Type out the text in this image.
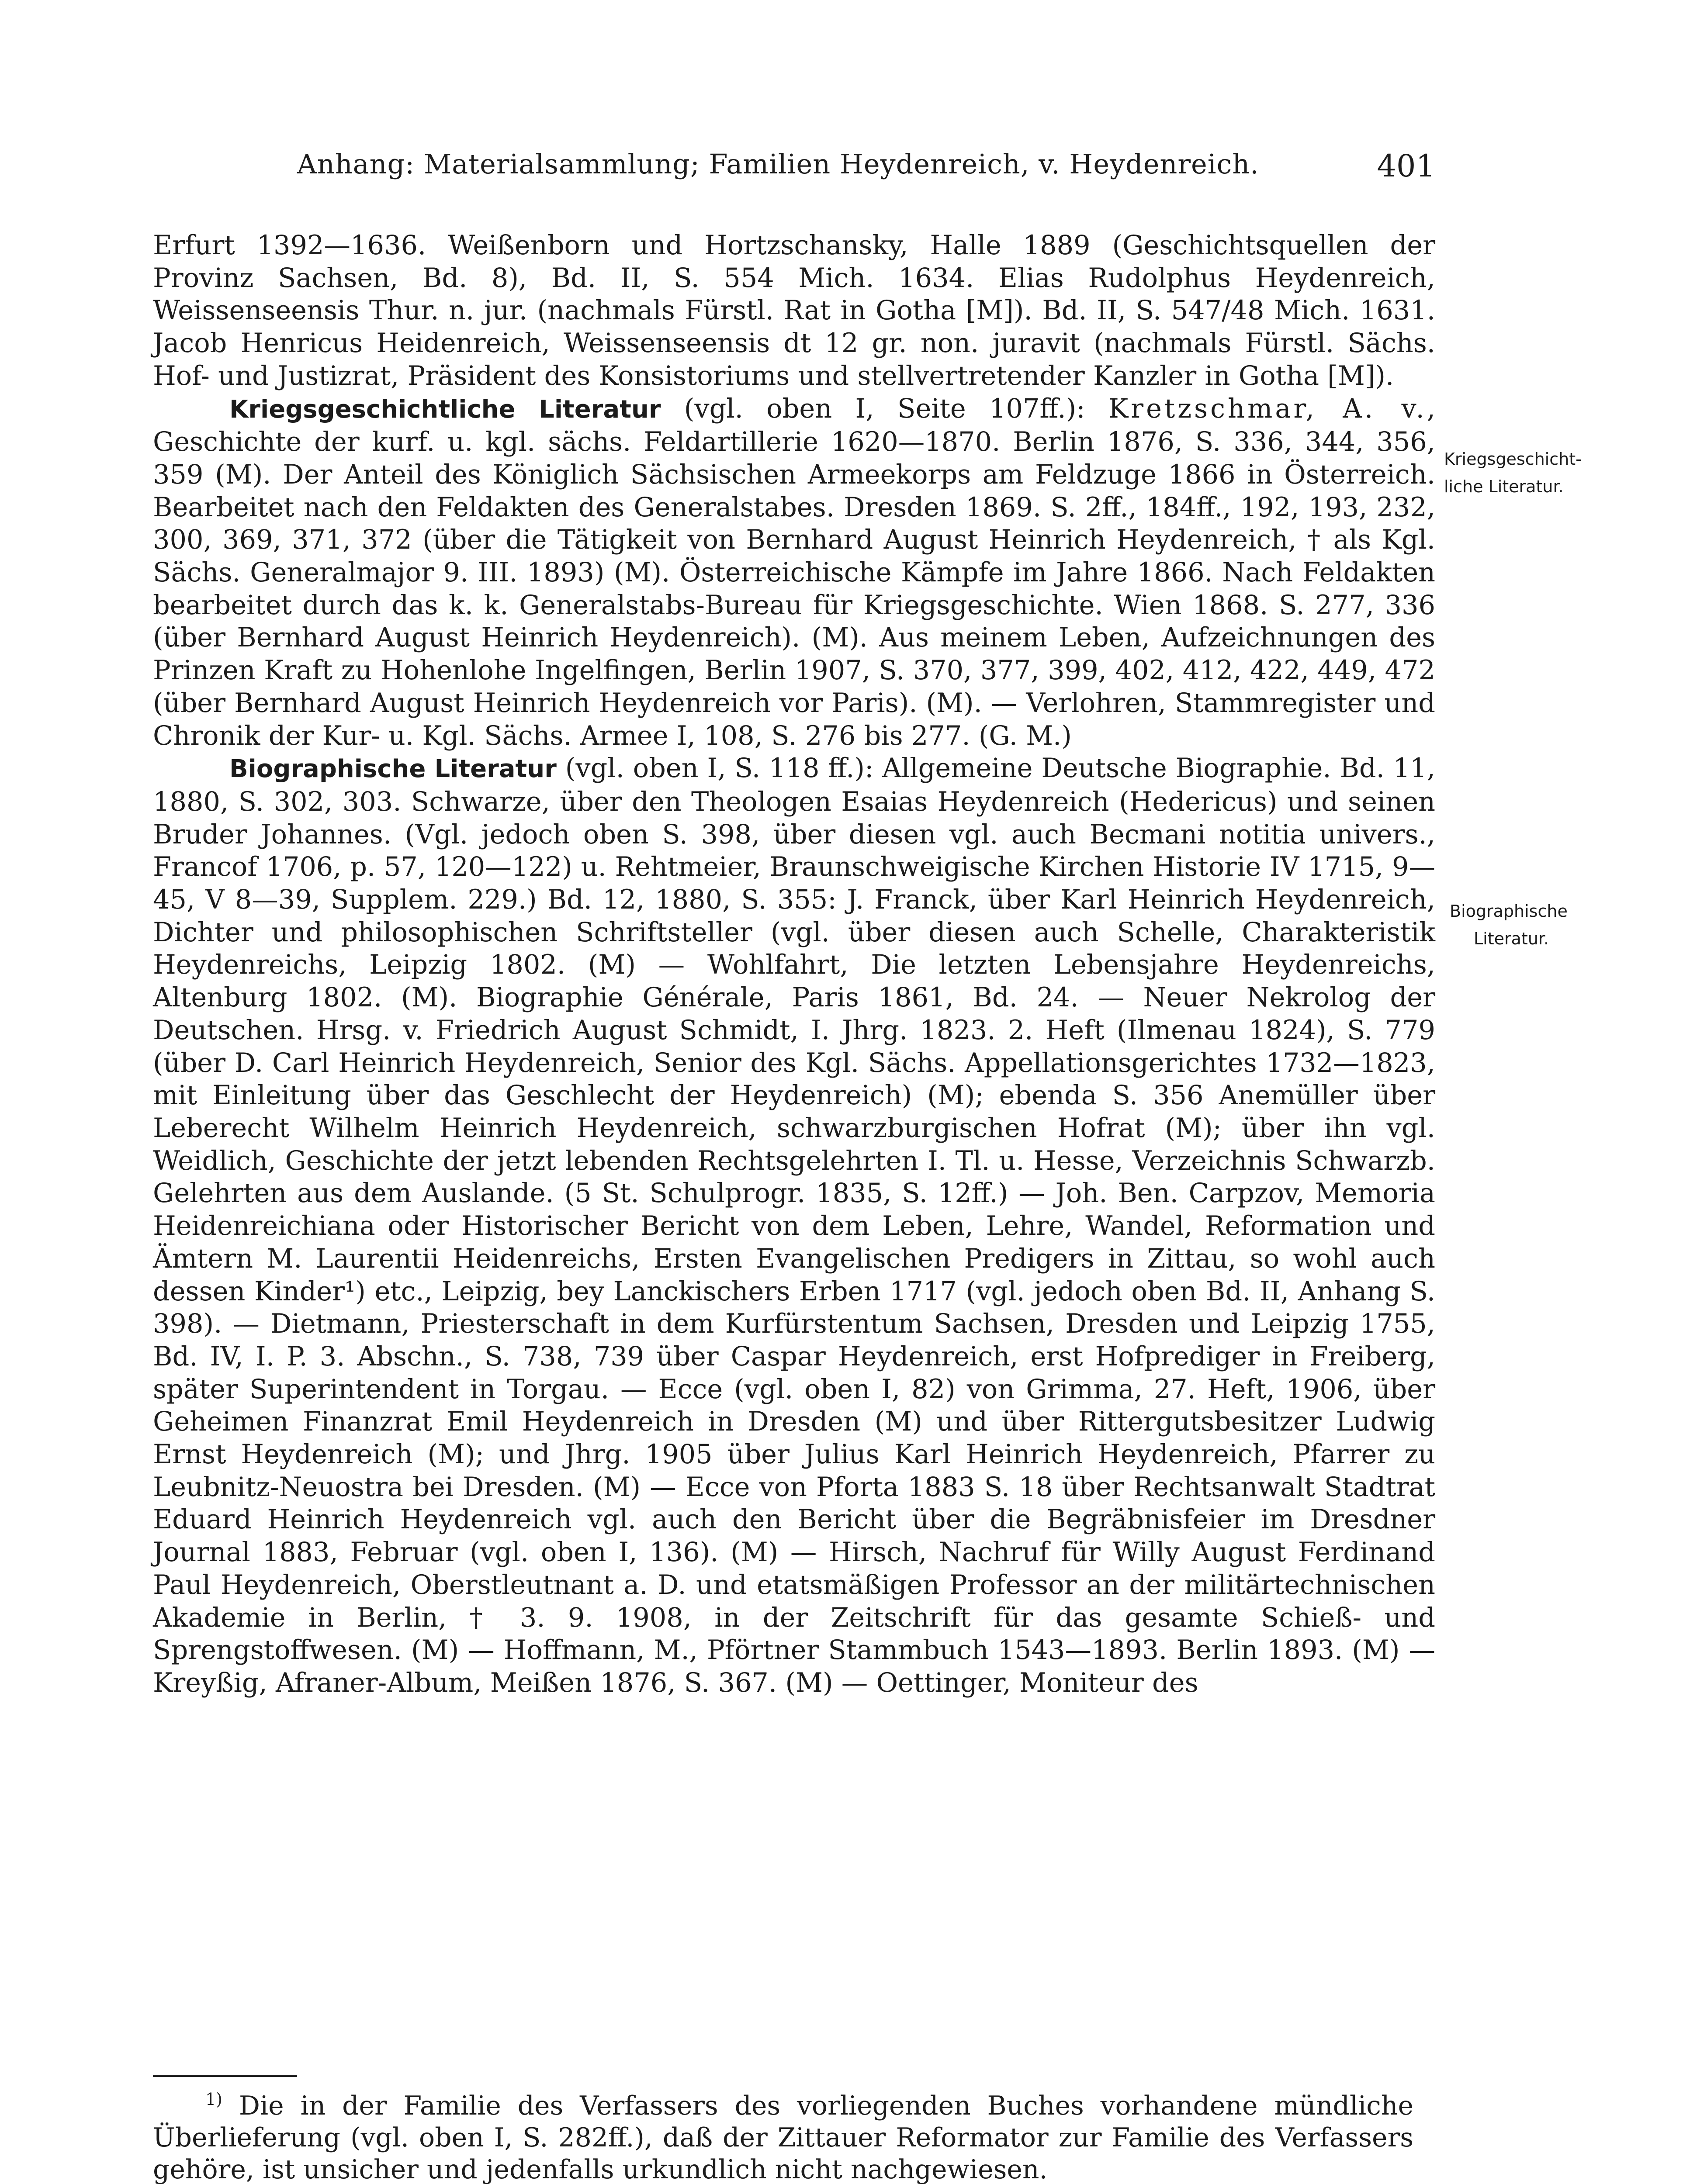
Anhang: Materialsammlung; Familien Heydenreich, v. Heydenreich.	401

Erfurt 1392—1636. Weißenborn und Hortzschansky, Halle 1889 (Geschichtsquellen der Provinz Sachsen, Bd. 8), Bd. II, S. 554 Mich. 1634. Elias Rudolphus Heydenreich, Weissenseensis Thur. n. jur. (nachmals Fürstl. Rat in Gotha [M]). Bd. II, S. 547/48 Mich. 1631. Jacob Henricus Heidenreich, Weissenseensis dt 12 gr. non. juravit (nachmals Fürstl. Sächs. Hof- und Justizrat, Präsident des Konsistoriums und stellvertretender Kanzler in Gotha [M]).

Kriegsgeschichtliche Literatur (vgl. oben I, Seite 107ff.): Kretzschmar, A. v., Geschichte der kurf. u. kgl. sächs. Feldartillerie 1620—1870. Berlin 1876, S. 336, 344, 356, 359 (M). Der Anteil des Königlich Sächsischen Armeekorps am Feldzuge 1866 in Österreich. Bearbeitet nach den Feldakten des Generalstabes. Dresden 1869. S. 2ff., 184ff., 192, 193, 232, 300, 369, 371, 372 (über die Tätigkeit von Bernhard August Heinrich Heydenreich, † als Kgl. Sächs. Generalmajor 9. III. 1893) (M). Österreichische Kämpfe im Jahre 1866. Nach Feldakten bearbeitet durch das k. k. Generalstabs-Bureau für Kriegsgeschichte. Wien 1868. S. 277, 336 (über Bernhard August Heinrich Heydenreich). (M). Aus meinem Leben, Aufzeichnungen des Prinzen Kraft zu Hohenlohe Ingelfingen, Berlin 1907, S. 370, 377, 399, 402, 412, 422, 449, 472 (über Bernhard August Heinrich Heydenreich vor Paris). (M). — Verlohren, Stammregister und Chronik der Kur- u. Kgl. Sächs. Armee I, 108, S. 276 bis 277. (G. M.)

Biographische Literatur (vgl. oben I, S. 118 ff.): Allgemeine Deutsche Biographie. Bd. 11, 1880, S. 302, 303. Schwarze, über den Theologen Esaias Heydenreich (Hedericus) und seinen Bruder Johannes. (Vgl. jedoch oben S. 398, über diesen vgl. auch Becmani notitia univers., Francof 1706, p. 57, 120—122) u. Rehtmeier, Braunschweigische Kirchen Historie IV 1715, 9—45, V 8—39, Supplem. 229.) Bd. 12, 1880, S. 355: J. Franck, über Karl Heinrich Heydenreich, Dichter und philosophischen Schriftsteller (vgl. über diesen auch Schelle, Charakteristik Heydenreichs, Leipzig 1802. (M) — Wohlfahrt, Die letzten Lebensjahre Heydenreichs, Altenburg 1802. (M). Biographie Générale, Paris 1861, Bd. 24. — Neuer Nekrolog der Deutschen. Hrsg. v. Friedrich August Schmidt, I. Jhrg. 1823. 2. Heft (Ilmenau 1824), S. 779 (über D. Carl Heinrich Heydenreich, Senior des Kgl. Sächs. Appellationsgerichtes 1732—1823, mit Einleitung über das Geschlecht der Heydenreich) (M); ebenda S. 356 Anemüller über Leberecht Wilhelm Heinrich Heydenreich, schwarzburgischen Hofrat (M); über ihn vgl. Weidlich, Geschichte der jetzt lebenden Rechtsgelehrten I. Tl. u. Hesse, Verzeichnis Schwarzb. Gelehrten aus dem Auslande. (5 St. Schulprogr. 1835, S. 12ff.) — Joh. Ben. Carpzov, Memoria Heidenreichiana oder Historischer Bericht von dem Leben, Lehre, Wandel, Reformation und Ämtern M. Laurentii Heidenreichs, Ersten Evangelischen Predigers in Zittau, so wohl auch dessen Kinder¹) etc., Leipzig, bey Lanckischers Erben 1717 (vgl. jedoch oben Bd. II, Anhang S. 398). — Dietmann, Priesterschaft in dem Kurfürstentum Sachsen, Dresden und Leipzig 1755, Bd. IV, I. P. 3. Abschn., S. 738, 739 über Caspar Heydenreich, erst Hofprediger in Freiberg, später Superintendent in Torgau. — Ecce (vgl. oben I, 82) von Grimma, 27. Heft, 1906, über Geheimen Finanzrat Emil Heydenreich in Dresden (M) und über Rittergutsbesitzer Ludwig Ernst Heydenreich (M); und Jhrg. 1905 über Julius Karl Heinrich Heydenreich, Pfarrer zu Leubnitz-Neuostra bei Dresden. (M) — Ecce von Pforta 1883 S. 18 über Rechtsanwalt Stadtrat Eduard Heinrich Heydenreich vgl. auch den Bericht über die Begräbnisfeier im Dresdner Journal 1883, Februar (vgl. oben I, 136). (M) — Hirsch, Nachruf für Willy August Ferdinand Paul Heydenreich, Oberstleutnant a. D. und etatsmäßigen Professor an der militärtechnischen Akademie in Berlin, † 3. 9. 1908, in der Zeitschrift für das gesamte Schieß- und Sprengstoffwesen. (M) — Hoffmann, M., Pförtner Stammbuch 1543—1893. Berlin 1893. (M) — Kreyßig, Afraner-Album, Meißen 1876, S. 367. (M) — Oettinger, Moniteur des

Kriegsgeschicht-
liche Literatur.
Biographische
Literatur.

$^{1)}$ Die in der Familie des Verfassers des vorliegenden Buches vorhandene mündliche Überlieferung (vgl. oben I, S. 282ff.), daß der Zittauer Reformator zur Familie des Verfassers gehöre, ist unsicher und jedenfalls urkundlich nicht nachgewiesen.
